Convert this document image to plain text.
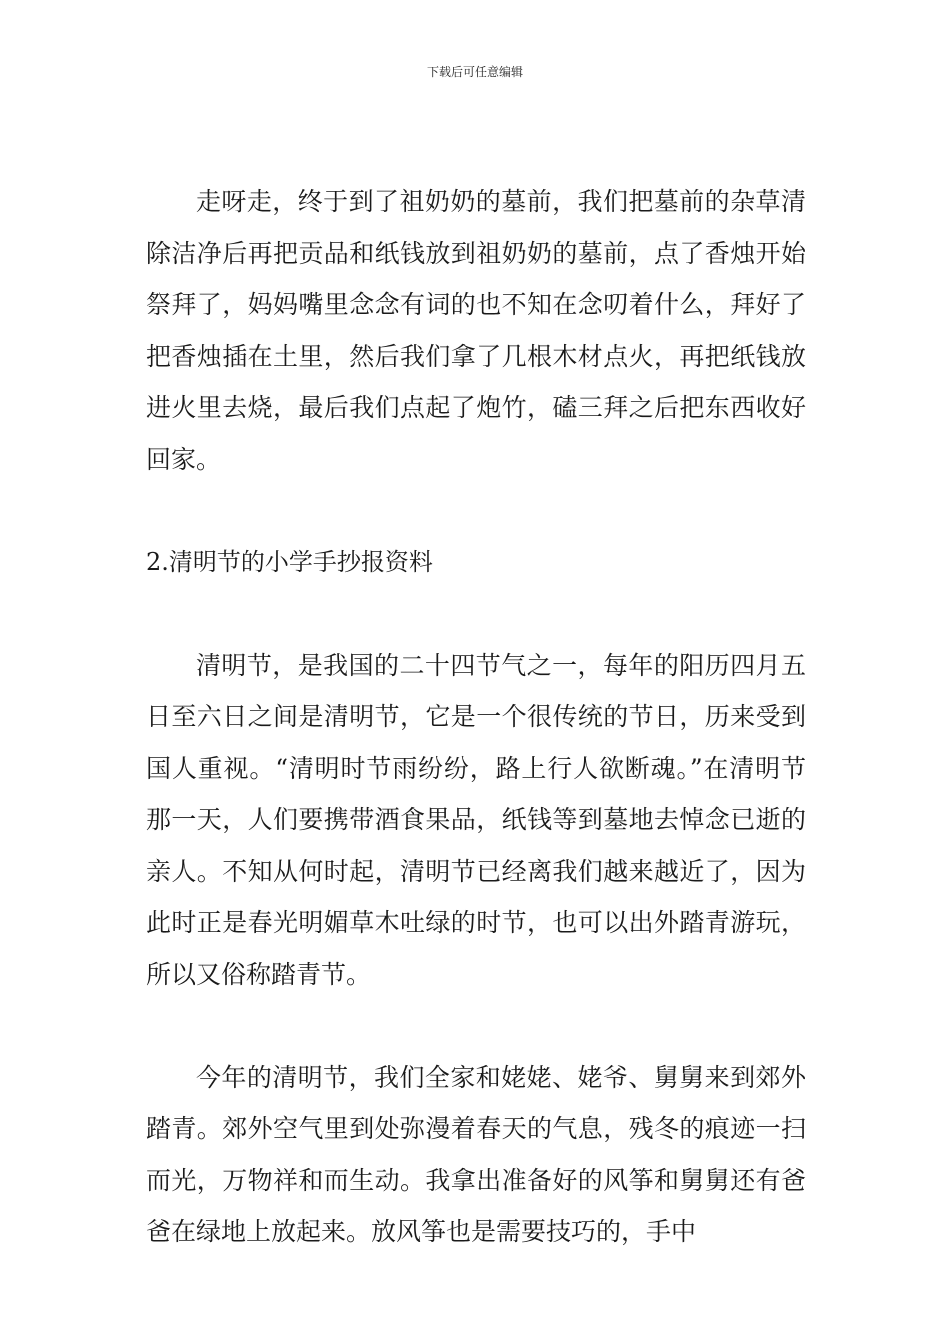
下载后可任意编辑

走呀走，终于到了祖奶奶的墓前，我们把墓前的杂草清除洁净后再把贡品和纸钱放到祖奶奶的墓前，点了香烛开始祭拜了，妈妈嘴里念念有词的也不知在念叨着什么，拜好了把香烛插在土里，然后我们拿了几根木材点火，再把纸钱放进火里去烧，最后我们点起了炮竹，磕三拜之后把东西收好回家。

2.清明节的小学手抄报资料

清明节，是我国的二十四节气之一，每年的阳历四月五日至六日之间是清明节，它是一个很传统的节日，历来受到国人重视。“清明时节雨纷纷，路上行人欲断魂。”在清明节那一天，人们要携带酒食果品，纸钱等到墓地去悼念已逝的亲人。不知从何时起，清明节已经离我们越来越近了，因为此时正是春光明媚草木吐绿的时节，也可以出外踏青游玩，所以又俗称踏青节。

今年的清明节，我们全家和姥姥、姥爷、舅舅来到郊外踏青。郊外空气里到处弥漫着春天的气息，残冬的痕迹一扫而光，万物祥和而生动。我拿出准备好的风筝和舅舅还有爸爸在绿地上放起来。放风筝也是需要技巧的，手中
